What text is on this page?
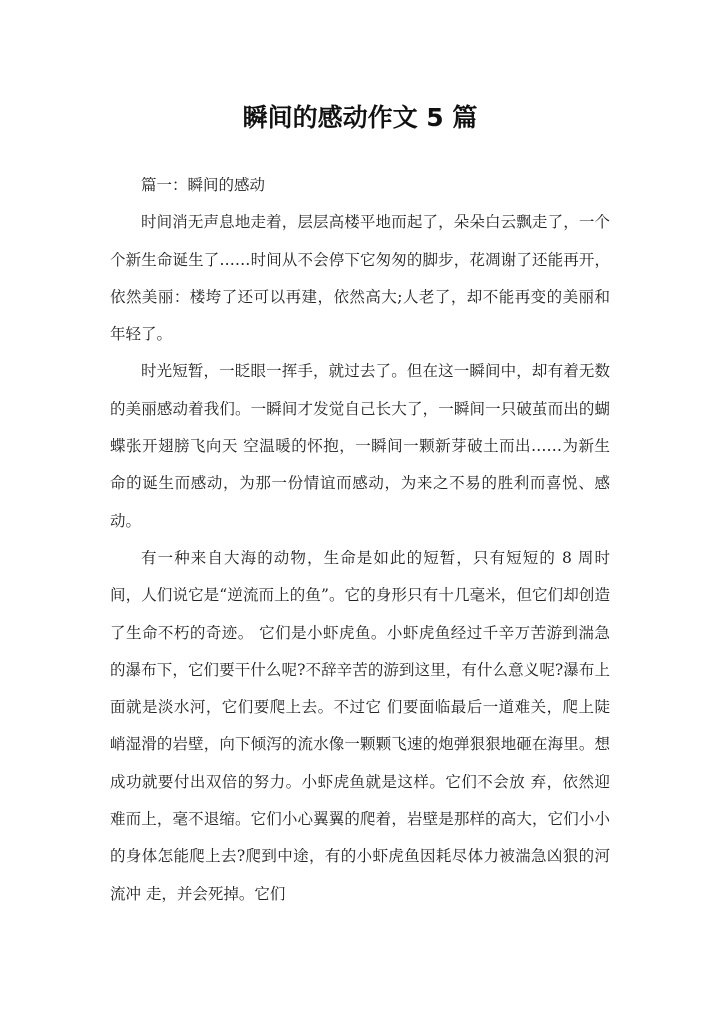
瞬间的感动作文 5 篇

篇一：瞬间的感动

时间消无声息地走着，层层高楼平地而起了，朵朵白云飘走了，一个个新生命诞生了……时间从不会停下它匆匆的脚步，花凋谢了还能再开，依然美丽：楼垮了还可以再建，依然高大;人老了，却不能再变的美丽和年轻了。

时光短暂，一眨眼一挥手，就过去了。但在这一瞬间中，却有着无数的美丽感动着我们。一瞬间才发觉自己长大了，一瞬间一只破茧而出的蝴蝶张开翅膀飞向天 空温暖的怀抱，一瞬间一颗新芽破土而出……为新生命的诞生而感动，为那一份情谊而感动，为来之不易的胜利而喜悦、感动。

有一种来自大海的动物，生命是如此的短暂，只有短短的 8 周时间，人们说它是“逆流而上的鱼”。它的身形只有十几毫米，但它们却创造了生命不朽的奇迹。 它们是小虾虎鱼。小虾虎鱼经过千辛万苦游到湍急的瀑布下，它们要干什么呢?不辞辛苦的游到这里，有什么意义呢?瀑布上面就是淡水河，它们要爬上去。不过它 们要面临最后一道难关，爬上陡峭湿滑的岩壁，向下倾泻的流水像一颗颗飞速的炮弹狠狠地砸在海里。想成功就要付出双倍的努力。小虾虎鱼就是这样。它们不会放 弃，依然迎难而上，毫不退缩。它们小心翼翼的爬着，岩壁是那样的高大，它们小小的身体怎能爬上去?爬到中途，有的小虾虎鱼因耗尽体力被湍急凶狠的河流冲 走，并会死掉。它们
